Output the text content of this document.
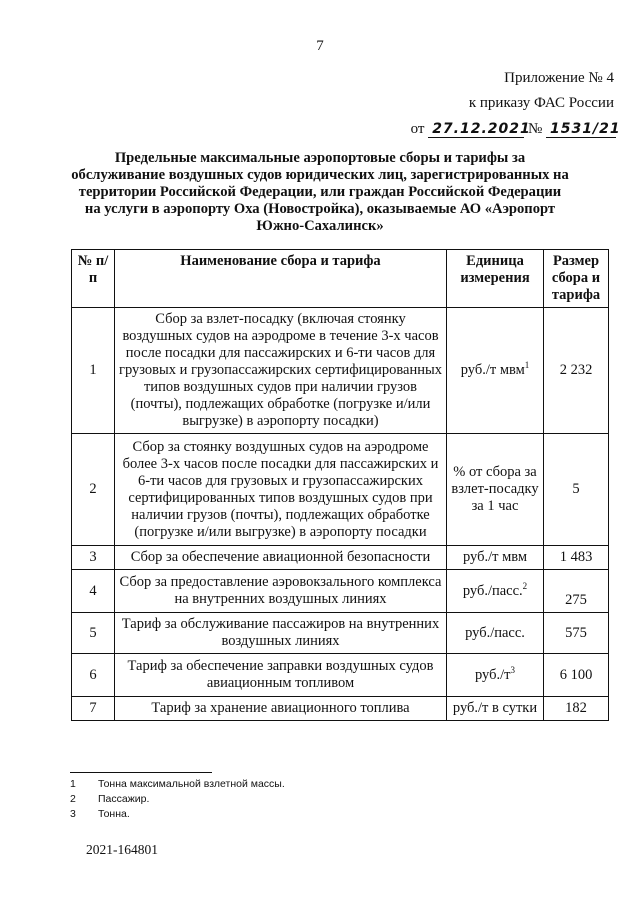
7
Приложение № 4
к приказу ФАС России
от 27.12.2021 № 1531/21
Предельные максимальные аэропортовые сборы и тарифы за обслуживание воздушных судов юридических лиц, зарегистрированных на территории Российской Федерации, или граждан Российской Федерации на услуги в аэропорту Оха (Новостройка), оказываемые АО «Аэропорт Южно-Сахалинск»
№ п/п	Наименование сбора и тарифа	Единица измерения	Размер сбора и тарифа
1	Сбор за взлет-посадку (включая стоянку воздушных судов на аэродроме в течение 3-х часов после посадки для пассажирских и 6-ти часов для грузовых и грузопассажирских сертифицированных типов воздушных судов при наличии грузов (почты), подлежащих обработке (погрузке и/или выгрузке) в аэропорту посадки)	руб./т мвм$^1$	2 232
2	Сбор за стоянку воздушных судов на аэродроме более 3-х часов после посадки для пассажирских и 6-ти часов для грузовых и грузопассажирских сертифицированных типов воздушных судов при наличии грузов (почты), подлежащих обработке (погрузке и/или выгрузке) в аэропорту посадки	% от сбора за взлет-посадку за 1 час	5
3	Сбор за обеспечение авиационной безопасности	руб./т мвм	1 483
4	Сбор за предоставление аэровокзального комплекса на внутренних воздушных линиях	руб./пасс.$^2$	275
5	Тариф за обслуживание пассажиров на внутренних воздушных линиях	руб./пасс.	575
6	Тариф за обеспечение заправки воздушных судов авиационным топливом	$руб./т^3$	6 100
7	Тариф за хранение авиационного топлива	руб./т в сутки	182
1 Тонна максимальной взлетной массы.
2 Пассажир.
3 Тонна.
2021-164801
